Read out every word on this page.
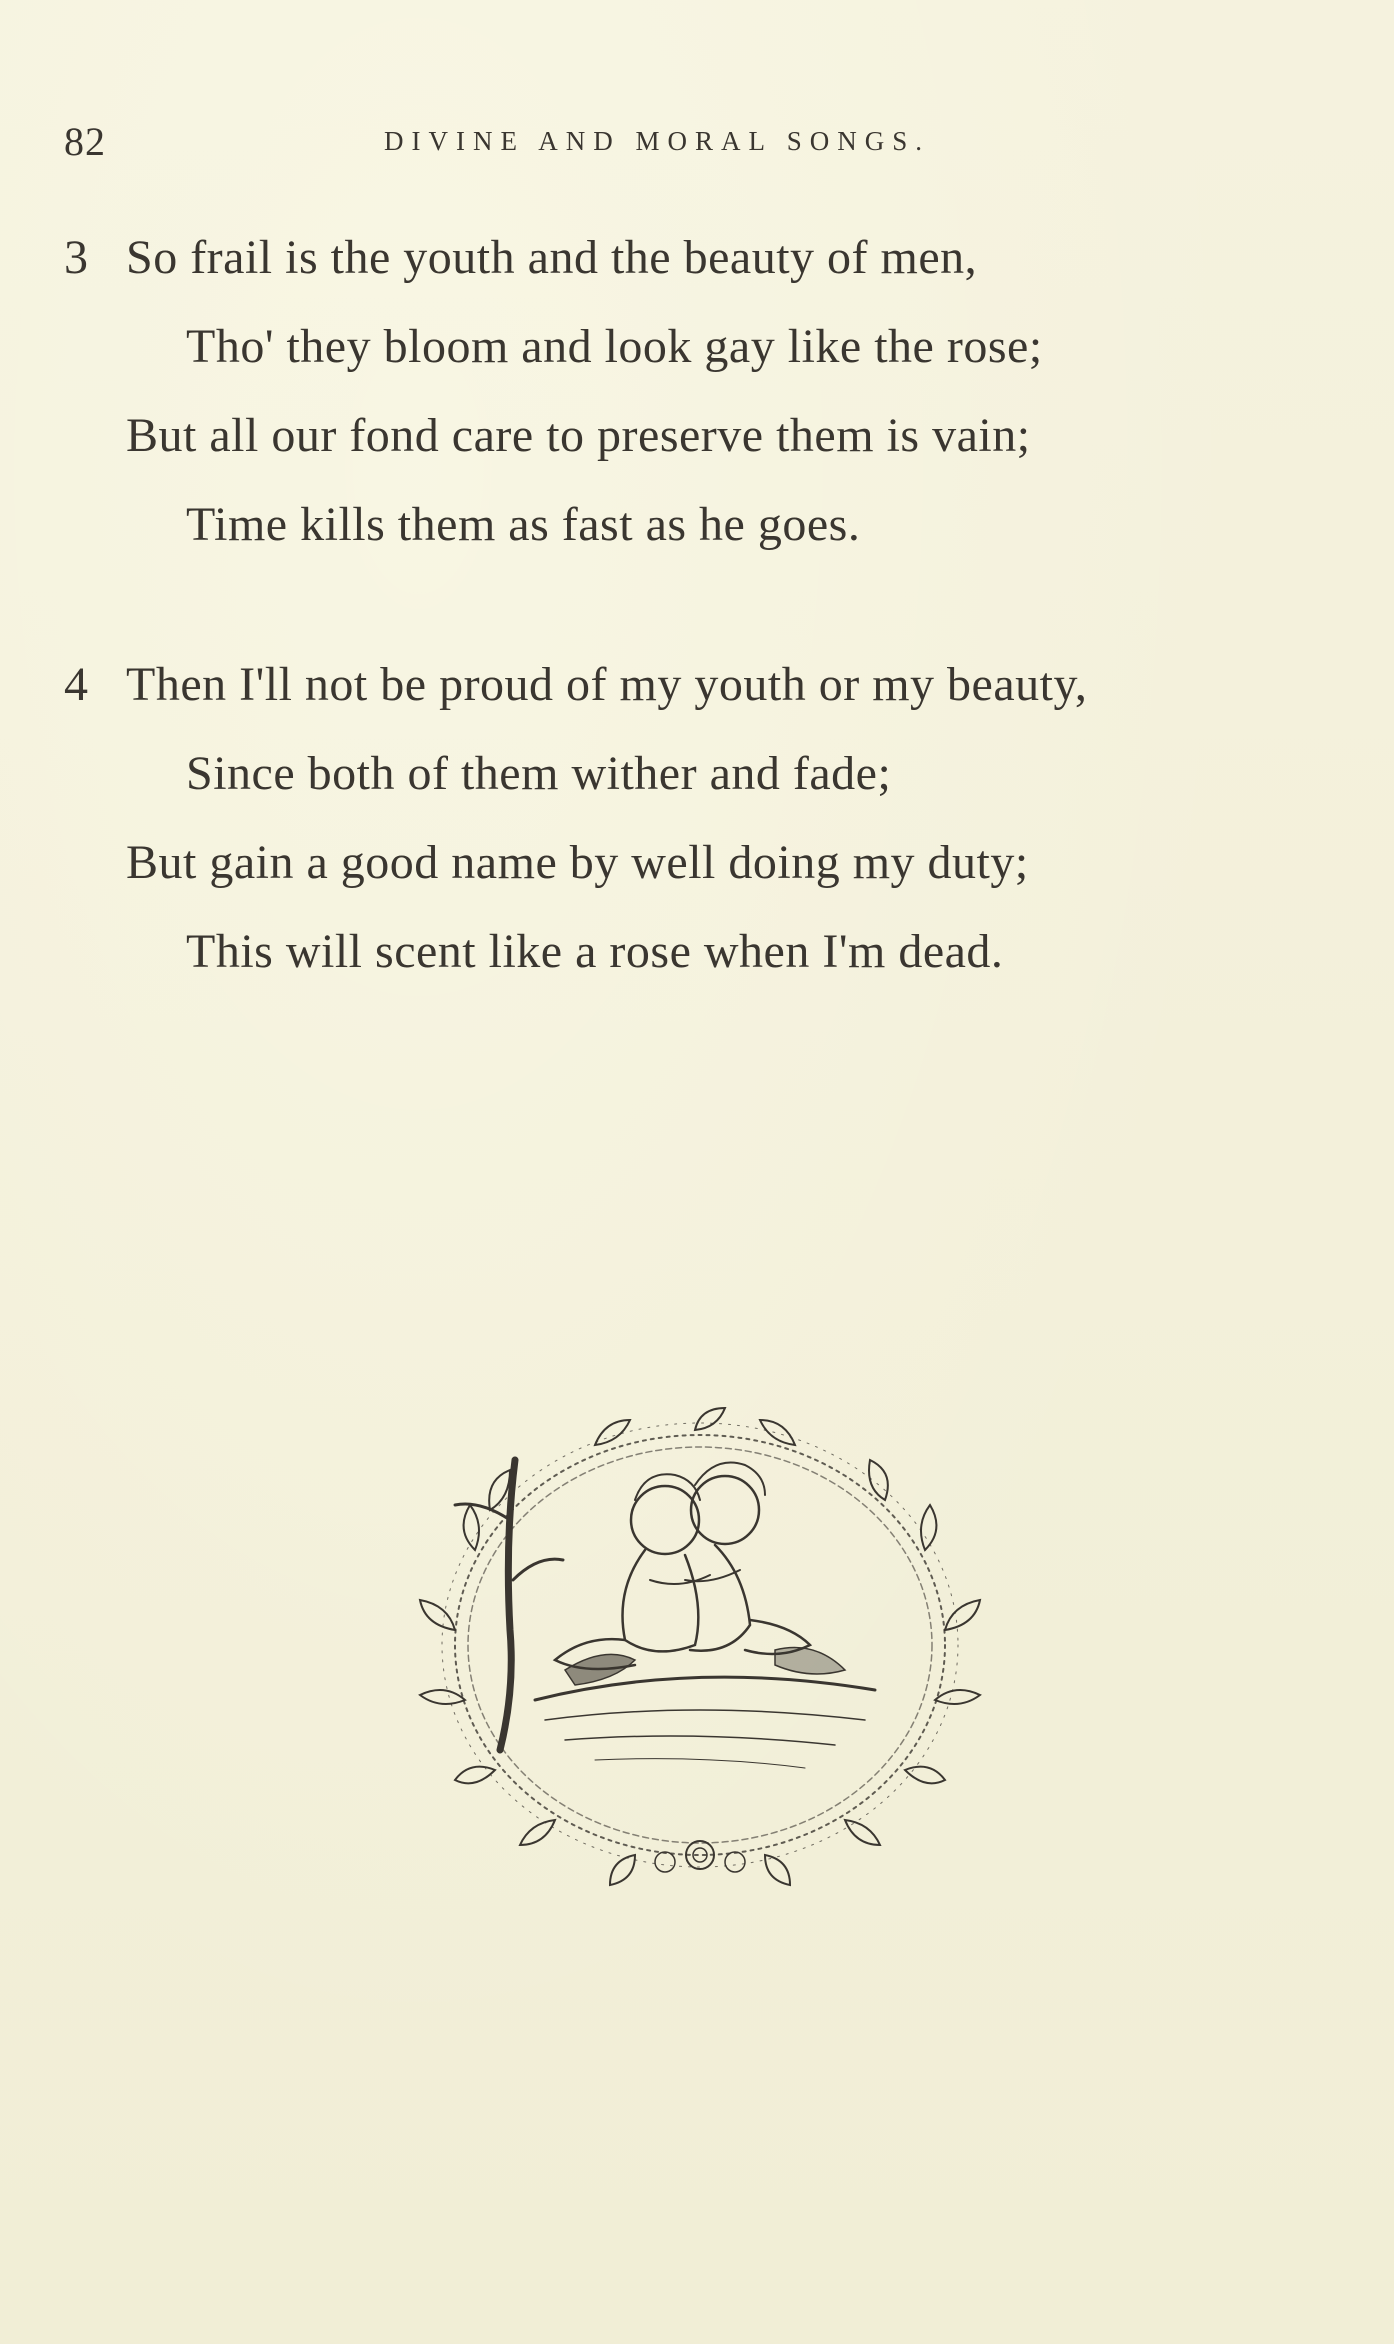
82	DIVINE AND MORAL SONGS.
3 So frail is the youth and the beauty of men,
Tho' they bloom and look gay like the rose;
But all our fond care to preserve them is vain;
Time kills them as fast as he goes.
4 Then I'll not be proud of my youth or my beauty,
Since both of them wither and fade;
But gain a good name by well doing my duty;
This will scent like a rose when I'm dead.
